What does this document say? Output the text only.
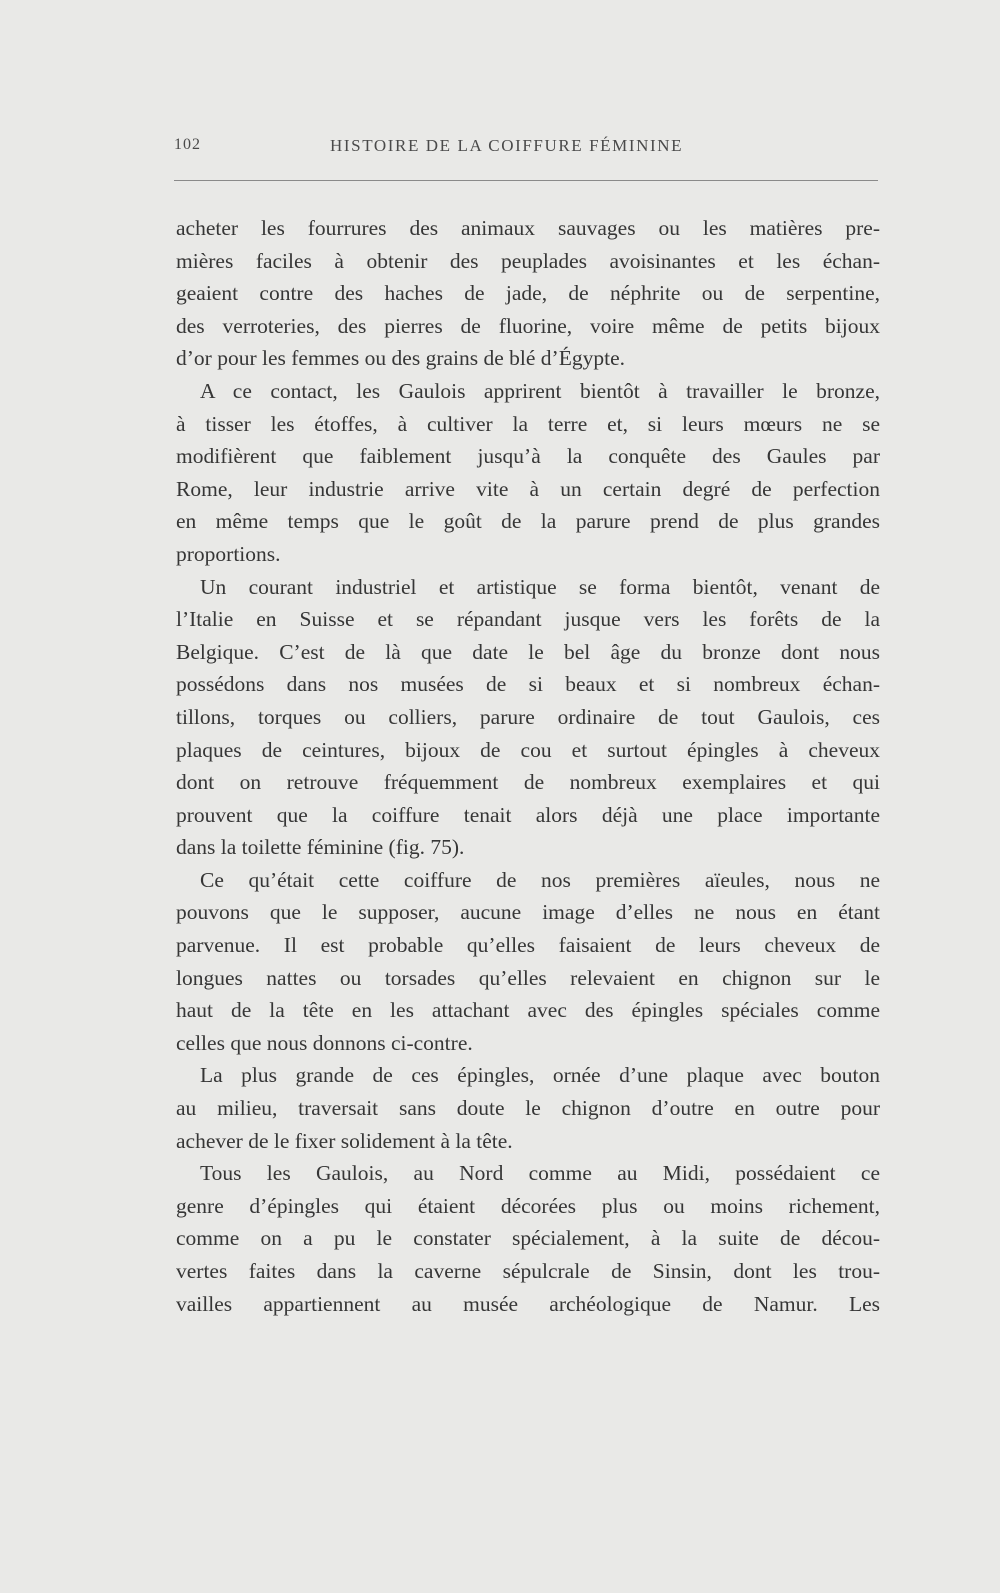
102	HISTOIRE DE LA COIFFURE FÉMININE
acheter les fourrures des animaux sauvages ou les matières pre-
mières faciles à obtenir des peuplades avoisinantes et les échan-
geaient contre des haches de jade, de néphrite ou de serpentine,
des verroteries, des pierres de fluorine, voire même de petits bijoux
d’or pour les femmes ou des grains de blé d’Égypte.
A ce contact, les Gaulois apprirent bientôt à travailler le bronze,
à tisser les étoffes, à cultiver la terre et, si leurs mœurs ne se
modifièrent que faiblement jusqu’à la conquête des Gaules par
Rome, leur industrie arrive vite à un certain degré de perfection
en même temps que le goût de la parure prend de plus grandes
proportions.
Un courant industriel et artistique se forma bientôt, venant de
l’Italie en Suisse et se répandant jusque vers les forêts de la
Belgique. C’est de là que date le bel âge du bronze dont nous
possédons dans nos musées de si beaux et si nombreux échan-
tillons, torques ou colliers, parure ordinaire de tout Gaulois, ces
plaques de ceintures, bijoux de cou et surtout épingles à cheveux
dont on retrouve fréquemment de nombreux exemplaires et qui
prouvent que la coiffure tenait alors déjà une place importante
dans la toilette féminine (fig. 75).
Ce qu’était cette coiffure de nos premières aïeules, nous ne
pouvons que le supposer, aucune image d’elles ne nous en étant
parvenue. Il est probable qu’elles faisaient de leurs cheveux de
longues nattes ou torsades qu’elles relevaient en chignon sur le
haut de la tête en les attachant avec des épingles spéciales comme
celles que nous donnons ci-contre.
La plus grande de ces épingles, ornée d’une plaque avec bouton
au milieu, traversait sans doute le chignon d’outre en outre pour
achever de le fixer solidement à la tête.
Tous les Gaulois, au Nord comme au Midi, possédaient ce
genre d’épingles qui étaient décorées plus ou moins richement,
comme on a pu le constater spécialement, à la suite de décou-
vertes faites dans la caverne sépulcrale de Sinsin, dont les trou-
vailles appartiennent au musée archéologique de Namur. Les
